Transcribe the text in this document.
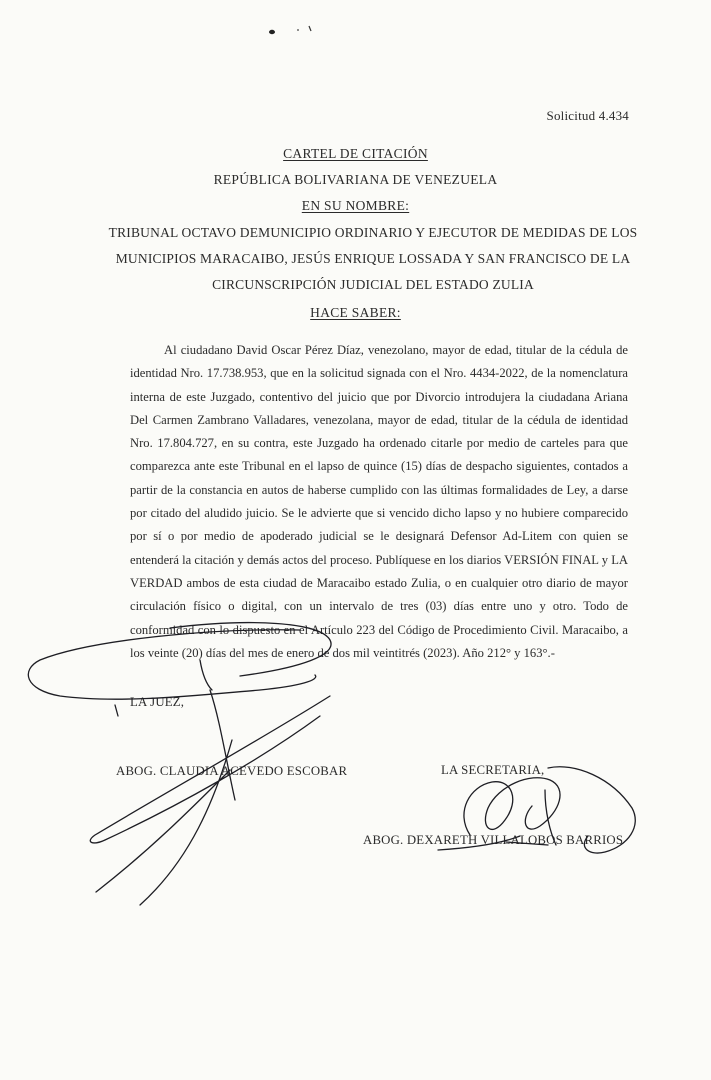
Solicitud 4.434
CARTEL DE CITACIÓN
REPÚBLICA BOLIVARIANA DE VENEZUELA
EN SU NOMBRE:
TRIBUNAL OCTAVO DEMUNICIPIO ORDINARIO Y EJECUTOR DE MEDIDAS DE LOS MUNICIPIOS MARACAIBO, JESÚS ENRIQUE LOSSADA Y SAN FRANCISCO DE LA CIRCUNSCRIPCIÓN JUDICIAL DEL ESTADO ZULIA
HACE SABER:

Al ciudadano David Oscar Pérez Díaz, venezolano, mayor de edad, titular de la cédula de identidad Nro. 17.738.953, que en la solicitud signada con el Nro. 4434-2022, de la nomenclatura interna de este Juzgado, contentivo del juicio que por Divorcio introdujera la ciudadana Ariana Del Carmen Zambrano Valladares, venezolana, mayor de edad, titular de la cédula de identidad Nro. 17.804.727, en su contra, este Juzgado ha ordenado citarle por medio de carteles para que comparezca ante este Tribunal en el lapso de quince (15) días de despacho siguientes, contados a partir de la constancia en autos de haberse cumplido con las últimas formalidades de Ley, a darse por citado del aludido juicio. Se le advierte que si vencido dicho lapso y no hubiere comparecido por sí o por medio de apoderado judicial se le designará Defensor Ad-Litem con quien se entenderá la citación y demás actos del proceso. Publíquese en los diarios VERSIÓN FINAL y LA VERDAD ambos de esta ciudad de Maracaibo estado Zulia, o en cualquier otro diario de mayor circulación físico o digital, con un intervalo de tres (03) días entre uno y otro. Todo de conformidad con lo dispuesto en el Artículo 223 del Código de Procedimiento Civil. Maracaibo, a los veinte (20) días del mes de enero de dos mil veintitrés (2023). Año 212° y 163°.-

LA JUEZ,
ABOG. CLAUDIA ACEVEDO ESCOBAR	LA SECRETARIA,
ABOG. DEXARETH VILLALOBOS BARRIOS
